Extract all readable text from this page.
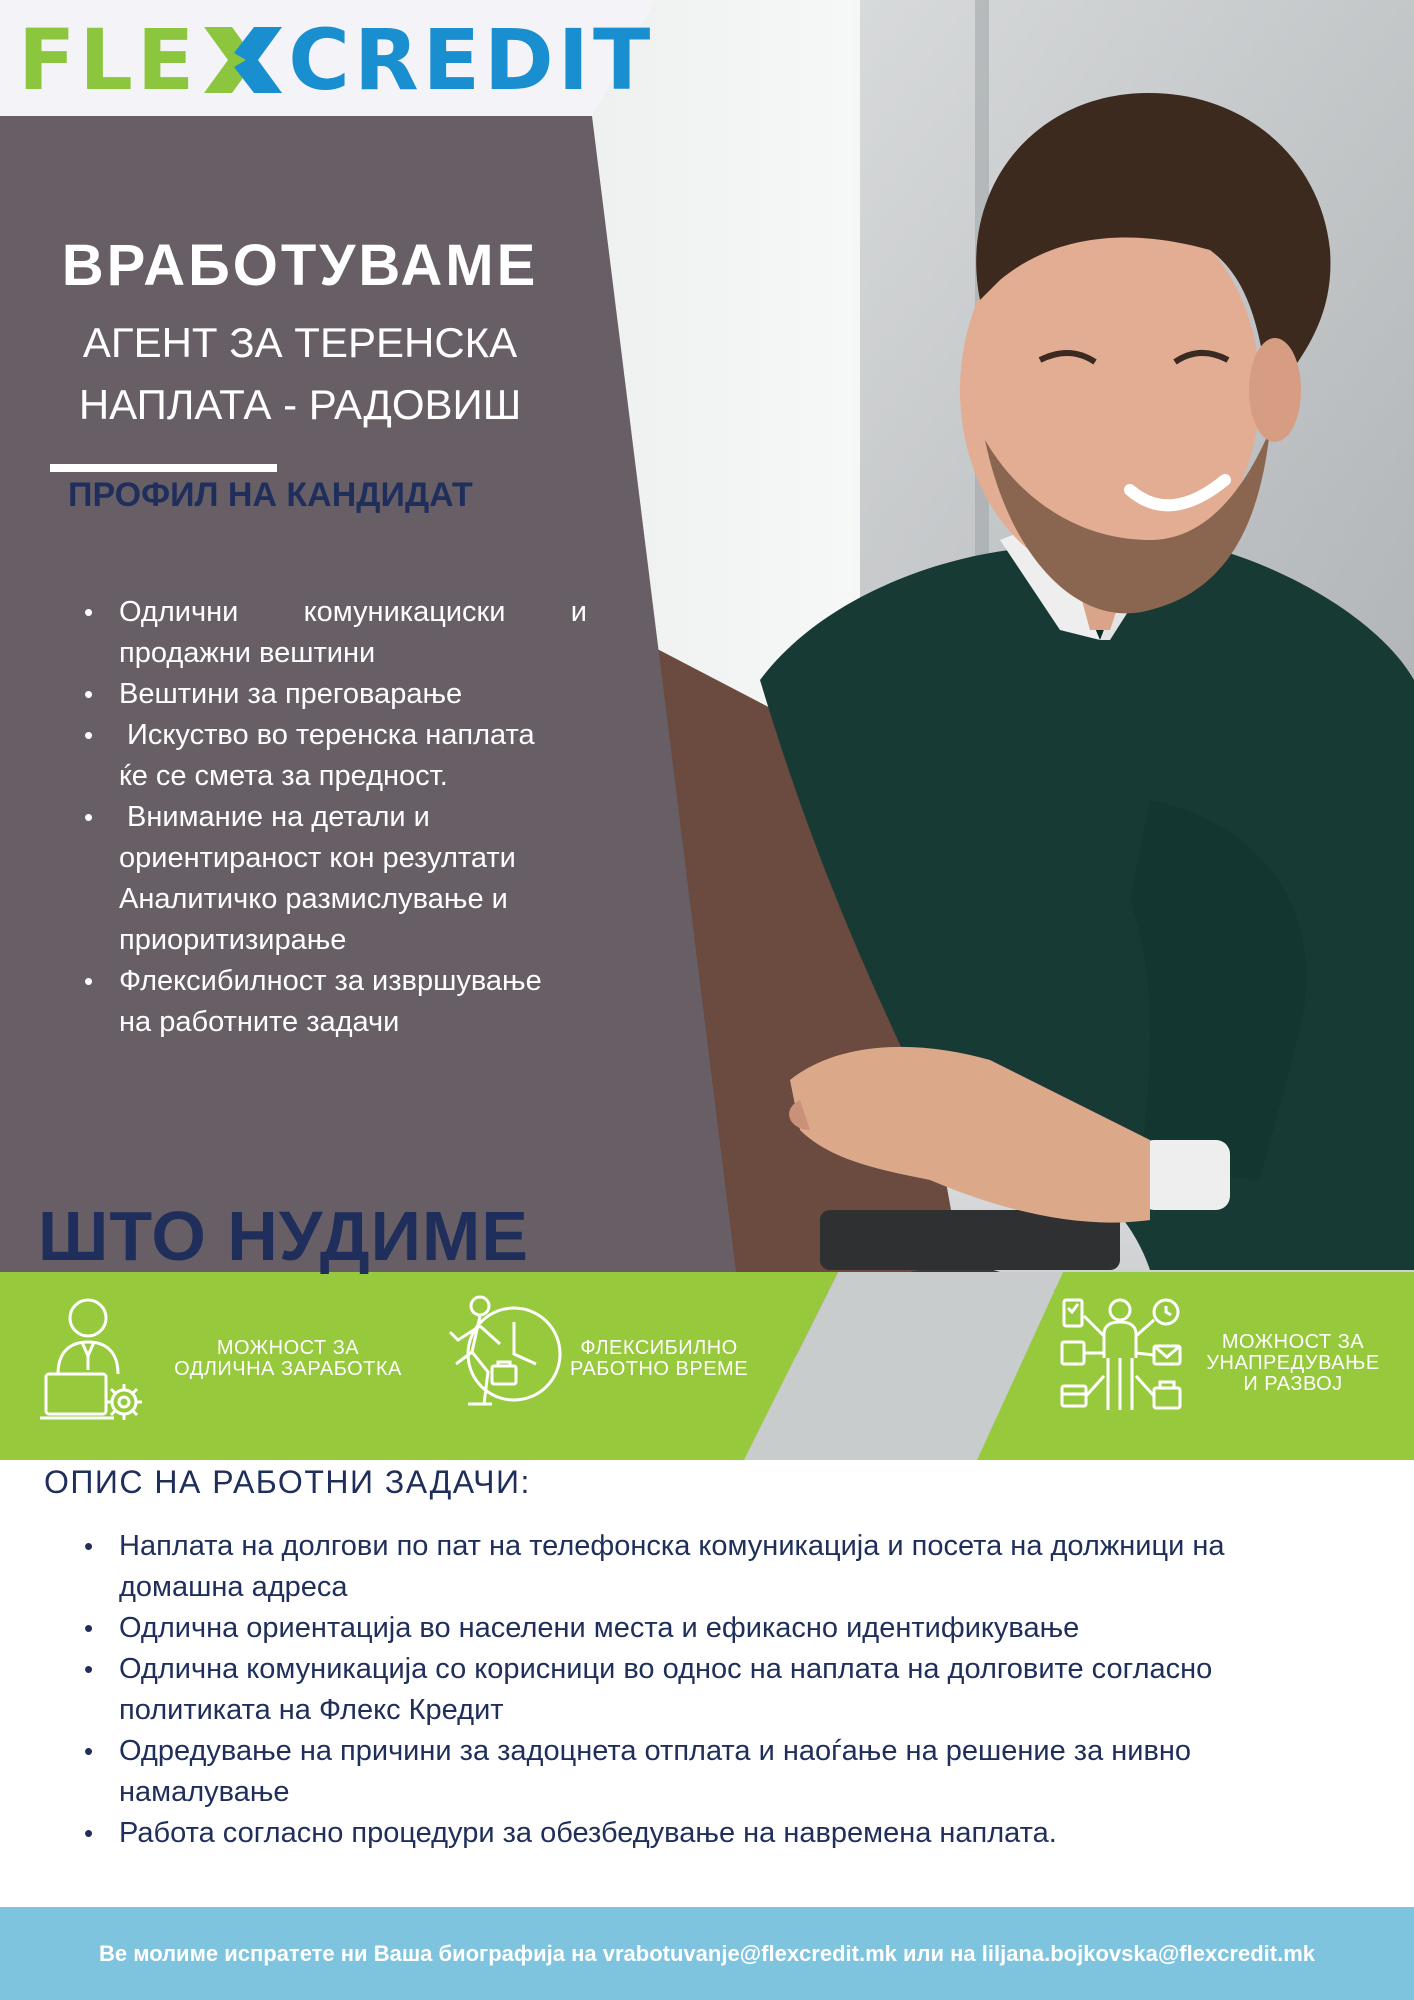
FLE CREDIT
ВРАБОТУВАМЕ
АГЕНТ ЗА ТЕРЕНСКА
НАПЛАТА - РАДОВИШ
ПРОФИЛ НА КАНДИДАТ
• Одлични комуникациски и
продажни вештини
• Вештини за преговарање
•  Искуство во теренска наплата
ќе се смета за предност.
•  Внимание на детали и
ориентираност кон резултати
Аналитичко размислување и
приоритизирање
• Флексибилност за извршување
на работните задачи
ШТО НУДИМЕ
МОЖНОСТ ЗА
ОДЛИЧНА ЗАРАБОТКА
ФЛЕКСИБИЛНО
РАБОТНО ВРЕМЕ
МОЖНОСТ ЗА
УНАПРЕДУВАЊЕ
И РАЗВОЈ
ОПИС НА РАБОТНИ ЗАДАЧИ:
• Наплата на долгови по пат на телефонска комуникација и посета на должници на
домашна адреса
• Одлична ориентација во населени места и ефикасно идентификување
• Одлична комуникација со корисници во однос на наплата на долговите согласно
политиката на Флекс Кредит
• Одредување на причини за задоцнета отплата и наоѓање на решение за нивно
намалување
• Работа согласно процедури за обезбедување на навремена наплата.
Ве молиме испратете ни Ваша биографија на vrabotuvanje@flexcredit.mk или на liljana.bojkovska@flexcredit.mk
